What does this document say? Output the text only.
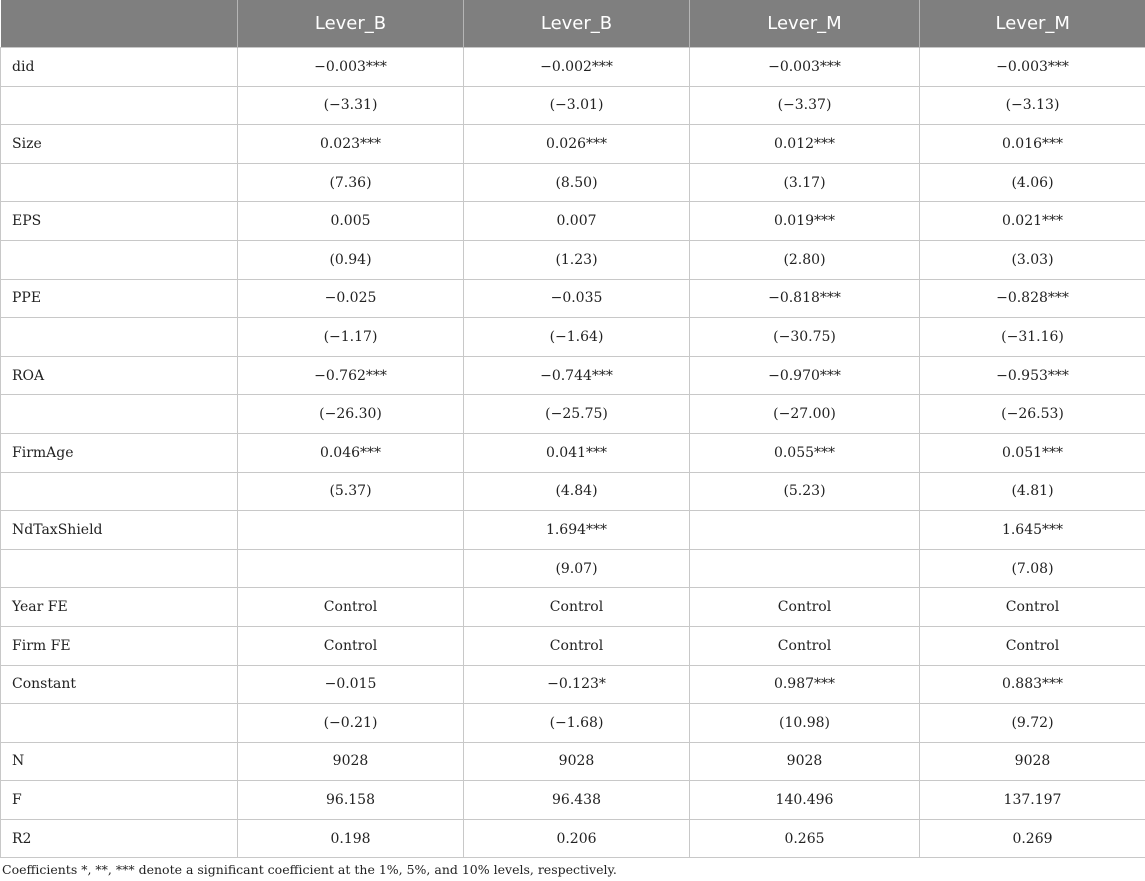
	Lever_B	Lever_B	Lever_M	Lever_M
did	−0.003***	−0.002***	−0.003***	−0.003***
	(−3.31)	(−3.01)	(−3.37)	(−3.13)
Size	0.023***	0.026***	0.012***	0.016***
	(7.36)	(8.50)	(3.17)	(4.06)
EPS	0.005	0.007	0.019***	0.021***
	(0.94)	(1.23)	(2.80)	(3.03)
PPE	−0.025	−0.035	−0.818***	−0.828***
	(−1.17)	(−1.64)	(−30.75)	(−31.16)
ROA	−0.762***	−0.744***	−0.970***	−0.953***
	(−26.30)	(−25.75)	(−27.00)	(−26.53)
FirmAge	0.046***	0.041***	0.055***	0.051***
	(5.37)	(4.84)	(5.23)	(4.81)
NdTaxShield		1.694***		1.645***
		(9.07)		(7.08)
Year FE	Control	Control	Control	Control
Firm FE	Control	Control	Control	Control
Constant	−0.015	−0.123*	0.987***	0.883***
	(−0.21)	(−1.68)	(10.98)	(9.72)
N	9028	9028	9028	9028
F	96.158	96.438	140.496	137.197
R2	0.198	0.206	0.265	0.269
Coefficients *, **, *** denote a significant coefficient at the 1%, 5%, and 10% levels, respectively.
